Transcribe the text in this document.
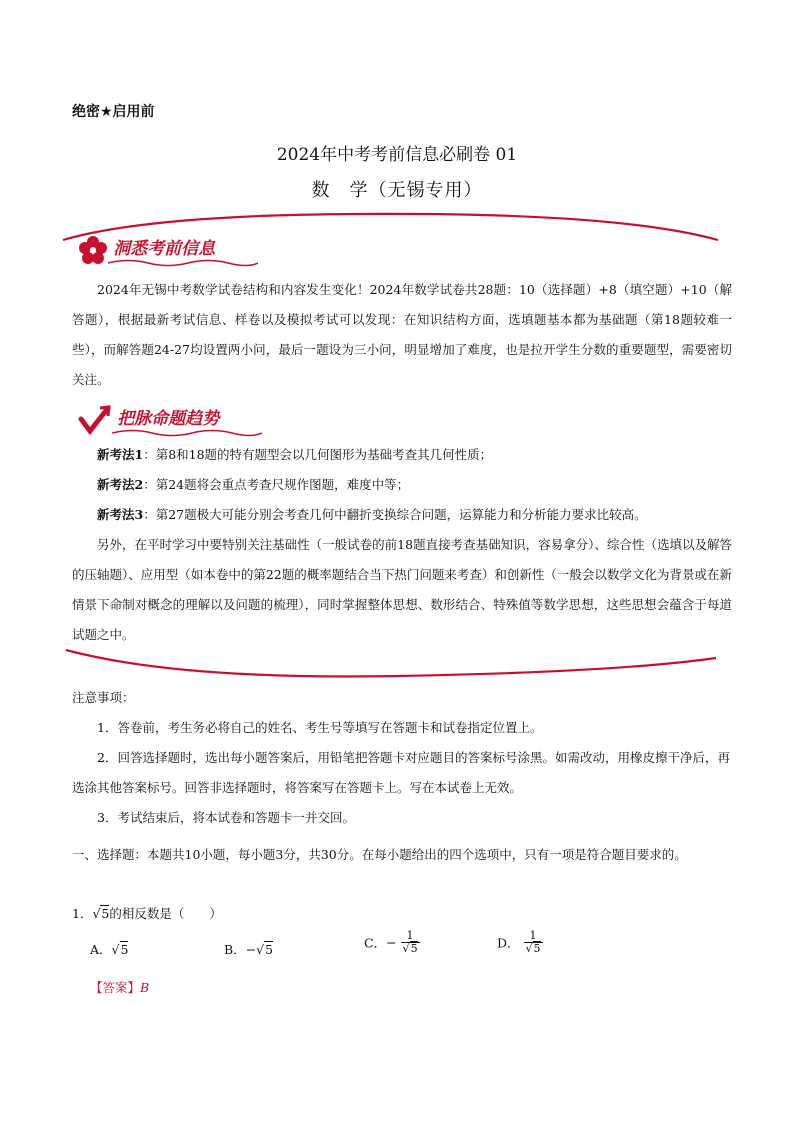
绝密★启用前
2024年中考考前信息必刷卷 01
数　学（无锡专用）
洞悉考前信息

2024年无锡中考数学试卷结构和内容发生变化！2024年数学试卷共28题：10（选择题）+8（填空题）+10（解答题），根据最新考试信息、样卷以及模拟考试可以发现：在知识结构方面，选填题基本都为基础题（第18题较难一些），而解答题24-27均设置两小问，最后一题设为三小问，明显增加了难度，也是拉开学生分数的重要题型，需要密切关注。

把脉命题趋势

新考法1：第8和18题的特有题型会以几何图形为基础考查其几何性质；

新考法2：第24题将会重点考查尺规作图题，难度中等；

新考法3：第27题极大可能分别会考查几何中翻折变换综合问题，运算能力和分析能力要求比较高。

另外，在平时学习中要特别关注基础性（一般试卷的前18题直接考查基础知识，容易拿分）、综合性（选填以及解答的压轴题）、应用型（如本卷中的第22题的概率题结合当下热门问题来考查）和创新性（一般会以数学文化为背景或在新情景下命制对概念的理解以及问题的梳理），同时掌握整体思想、数形结合、特殊值等数学思想，这些思想会蕴含于每道试题之中。

注意事项：

1．答卷前，考生务必将自己的姓名、考生号等填写在答题卡和试卷指定位置上。

2．回答选择题时，选出每小题答案后，用铅笔把答题卡对应题目的答案标号涂黑。如需改动，用橡皮擦干净后，再选涂其他答案标号。回答非选择题时，将答案写在答题卡上。写在本试卷上无效。

3．考试结束后，将本试卷和答题卡一并交回。

一、选择题：本题共10小题，每小题3分，共30分。在每小题给出的四个选项中，只有一项是符合题目要求的。
1．√5的相反数是（　　）
A．√5	B．−√5	C．− $\frac{1}{√5}$	D． $\frac{1}{√5}$
【答案】B
